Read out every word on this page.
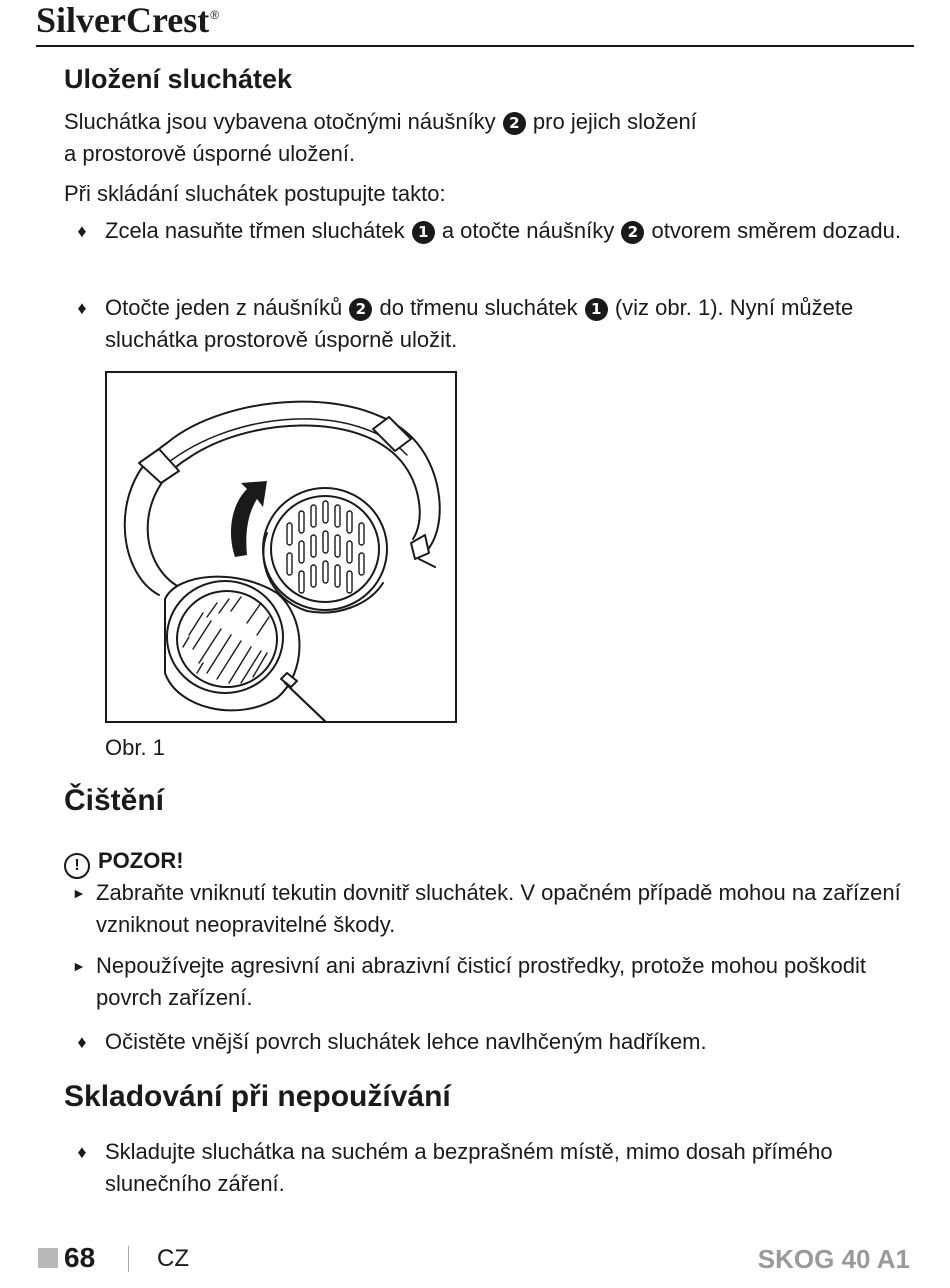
SilverCrest®
Uložení sluchátek

Sluchátka jsou vybavena otočnými náušníky 2 pro jejich složení
a prostorově úsporné uložení.

Při skládání sluchátek postupujte takto:

♦ Zcela nasuňte třmen sluchátek 1 a otočte náušníky 2 otvorem směrem dozadu.
♦ Otočte jeden z náušníků 2 do třmenu sluchátek 1 (viz obr. 1). Nyní můžete sluchátka prostorově úsporně uložit.
Obr. 1
Čištění
! POZOR!
► Zabraňte vniknutí tekutin dovnitř sluchátek. V opačném případě mohou na zařízení vzniknout neopravitelné škody.
► Nepoužívejte agresivní ani abrazivní čisticí prostředky, protože mohou poškodit povrch zařízení.
♦ Očistěte vnější povrch sluchátek lehce navlhčeným hadříkem.
Skladování při nepoužívání
♦ Skladujte sluchátka na suchém a bezprašném místě, mimo dosah přímého slunečního záření.
68	CZ	SKOG 40 A1
